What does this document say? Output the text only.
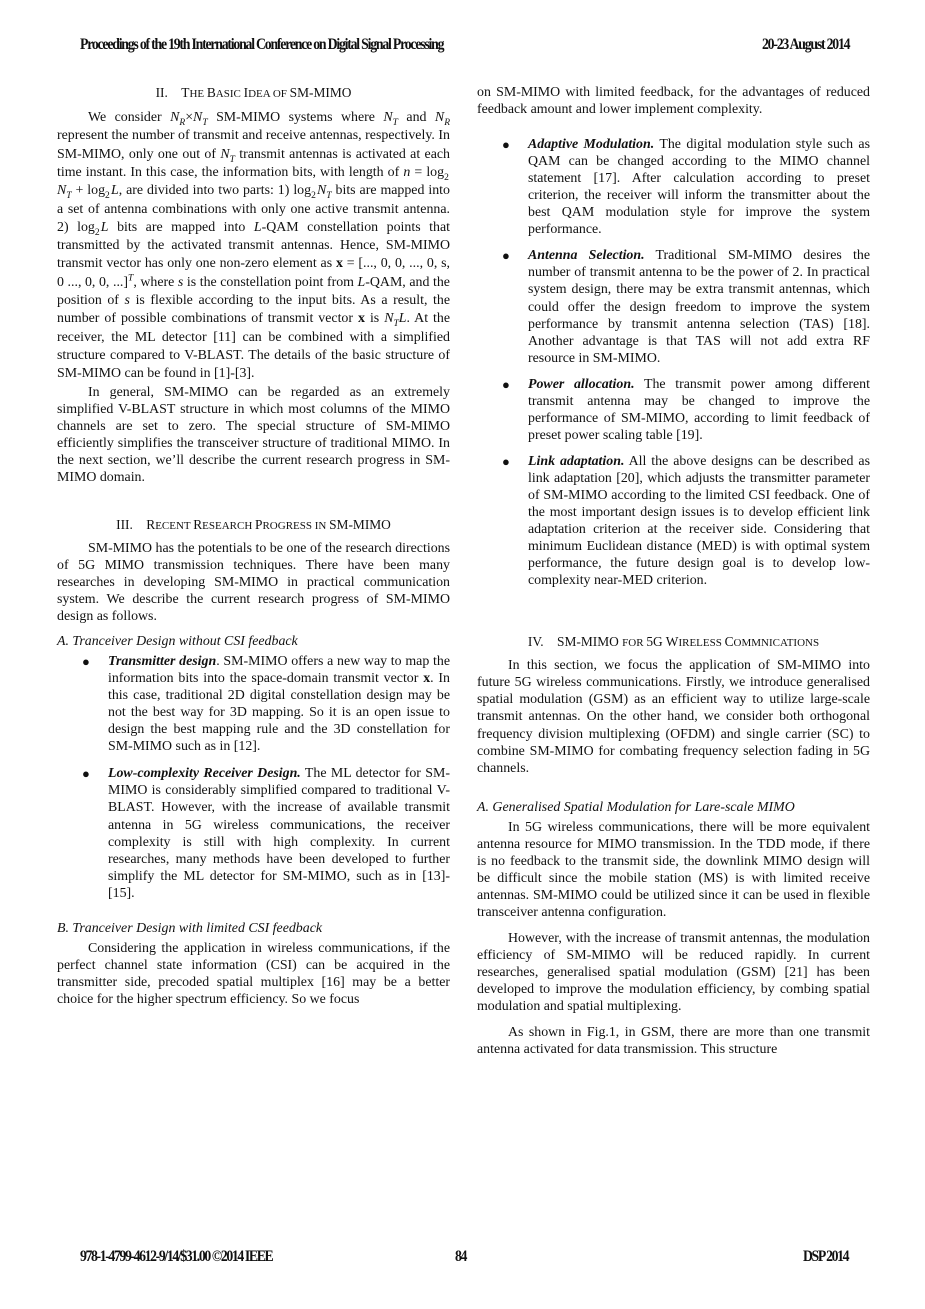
Proceedings of the 19th International Conference on Digital Signal Processing	20-23 August 2014

II. THE BASIC IDEA OF SM-MIMO

We consider $N_R\times N_T$ SM-MIMO systems where $N_T$ and $N_R$ represent the number of transmit and receive antennas, respectively. In SM-MIMO, only one out of $N_T$ transmit antennas is activated at each time instant. In this case, the information bits, with length of $n = \log_2$ $N_T + \log_2$ L, are divided into two parts: 1) $\log_2$ $N_T$ bits are mapped into a set of antenna combinations with only one active transmit antenna. 2) $\log_2$ L bits are mapped into L-QAM constellation points that transmitted by the activated transmit antennas. Hence, SM-MIMO transmit vector has only one non-zero element as x = [..., 0, 0, ..., 0, s, 0 ..., 0, 0, ...]$^T$, where s is the constellation point from L-QAM, and the position of s is flexible according to the input bits. As a result, the number of possible combinations of transmit vector x is $N_TL$. At the receiver, the ML detector [11] can be combined with a simplified structure compared to V-BLAST. The details of the basic structure of SM-MIMO can be found in [1]-[3].

In general, SM-MIMO can be regarded as an extremely simplified V-BLAST structure in which most columns of the MIMO channels are set to zero. The special structure of SM-MIMO efficiently simplifies the transceiver structure of traditional MIMO. In the next section, we’ll describe the current research progress in SM-MIMO domain.

III. RECENT RESEARCH PROGRESS IN SM-MIMO

SM-MIMO has the potentials to be one of the research directions of 5G MIMO transmission techniques. There have been many researches in developing SM-MIMO in practical communication system. We describe the current research progress of SM-MIMO design as follows.

A. Tranceiver Design without CSI feedback

● Transmitter design. SM-MIMO offers a new way to map the information bits into the space-domain transmit vector x. In this case, traditional 2D digital constellation design may be not the best way for 3D mapping. So it is an open issue to design the best mapping rule and the 3D constellation for SM-MIMO such as in [12].
● Low-complexity Receiver Design. The ML detector for SM-MIMO is considerably simplified compared to traditional V-BLAST. However, with the increase of available transmit antenna in 5G wireless communications, the receiver complexity is still with high complexity. In current researches, many methods have been developed to further simplify the ML detector for SM-MIMO, such as in [13]-[15].

B. Tranceiver Design with limited CSI feedback

Considering the application in wireless communications, if the perfect channel state information (CSI) can be acquired in the transmitter side, precoded spatial multiplex [16] may be a better choice for the higher spectrum efficiency. So we focus

on SM-MIMO with limited feedback, for the advantages of reduced feedback amount and lower implement complexity.

● Adaptive Modulation. The digital modulation style such as QAM can be changed according to the MIMO channel statement [17]. After calculation according to preset criterion, the receiver will inform the transmitter about the best QAM modulation style for improve the system performance.
● Antenna Selection. Traditional SM-MIMO desires the number of transmit antenna to be the power of 2. In practical system design, there may be extra transmit antennas, which could offer the design freedom to improve the system performance by transmit antenna selection (TAS) [18]. Another advantage is that TAS will not add extra RF resource in SM-MIMO.
● Power allocation. The transmit power among different transmit antenna may be changed to improve the performance of SM-MIMO, according to limit feedback of preset power scaling table [19].
● Link adaptation. All the above designs can be described as link adaptation [20], which adjusts the transmitter parameter of SM-MIMO according to the limited CSI feedback. One of the most important design issues is to develop efficient link adaptation criterion at the receiver side. Considering that minimum Euclidean distance (MED) is with optimal system performance, the future design goal is to develop low-complexity near-MED criterion.

IV. SM-MIMO FOR 5G WIRELESS COMMNICATIONS

In this section, we focus the application of SM-MIMO into future 5G wireless communications. Firstly, we introduce generalised spatial modulation (GSM) as an efficient way to utilize large-scale transmit antennas. On the other hand, we consider both orthogonal frequency division multiplexing (OFDM) and single carrier (SC) to combine SM-MIMO for combating frequency selection fading in 5G channels.

A. Generalised Spatial Modulation for Lare-scale MIMO

In 5G wireless communications, there will be more equivalent antenna resource for MIMO transmission. In the TDD mode, if there is no feedback to the transmit side, the downlink MIMO design will be difficult since the mobile station (MS) is with limited receive antennas. SM-MIMO could be utilized since it can be used in flexible transceiver antenna configuration.

However, with the increase of transmit antennas, the modulation efficiency of SM-MIMO will be reduced rapidly. In current researches, generalised spatial modulation (GSM) [21] has been developed to improve the modulation efficiency, by combing spatial modulation and spatial multiplexing.

As shown in Fig.1, in GSM, there are more than one transmit antenna activated for data transmission. This structure

978-1-4799-4612-9/14/$31.00 ©2014 IEEE	84	DSP 2014
